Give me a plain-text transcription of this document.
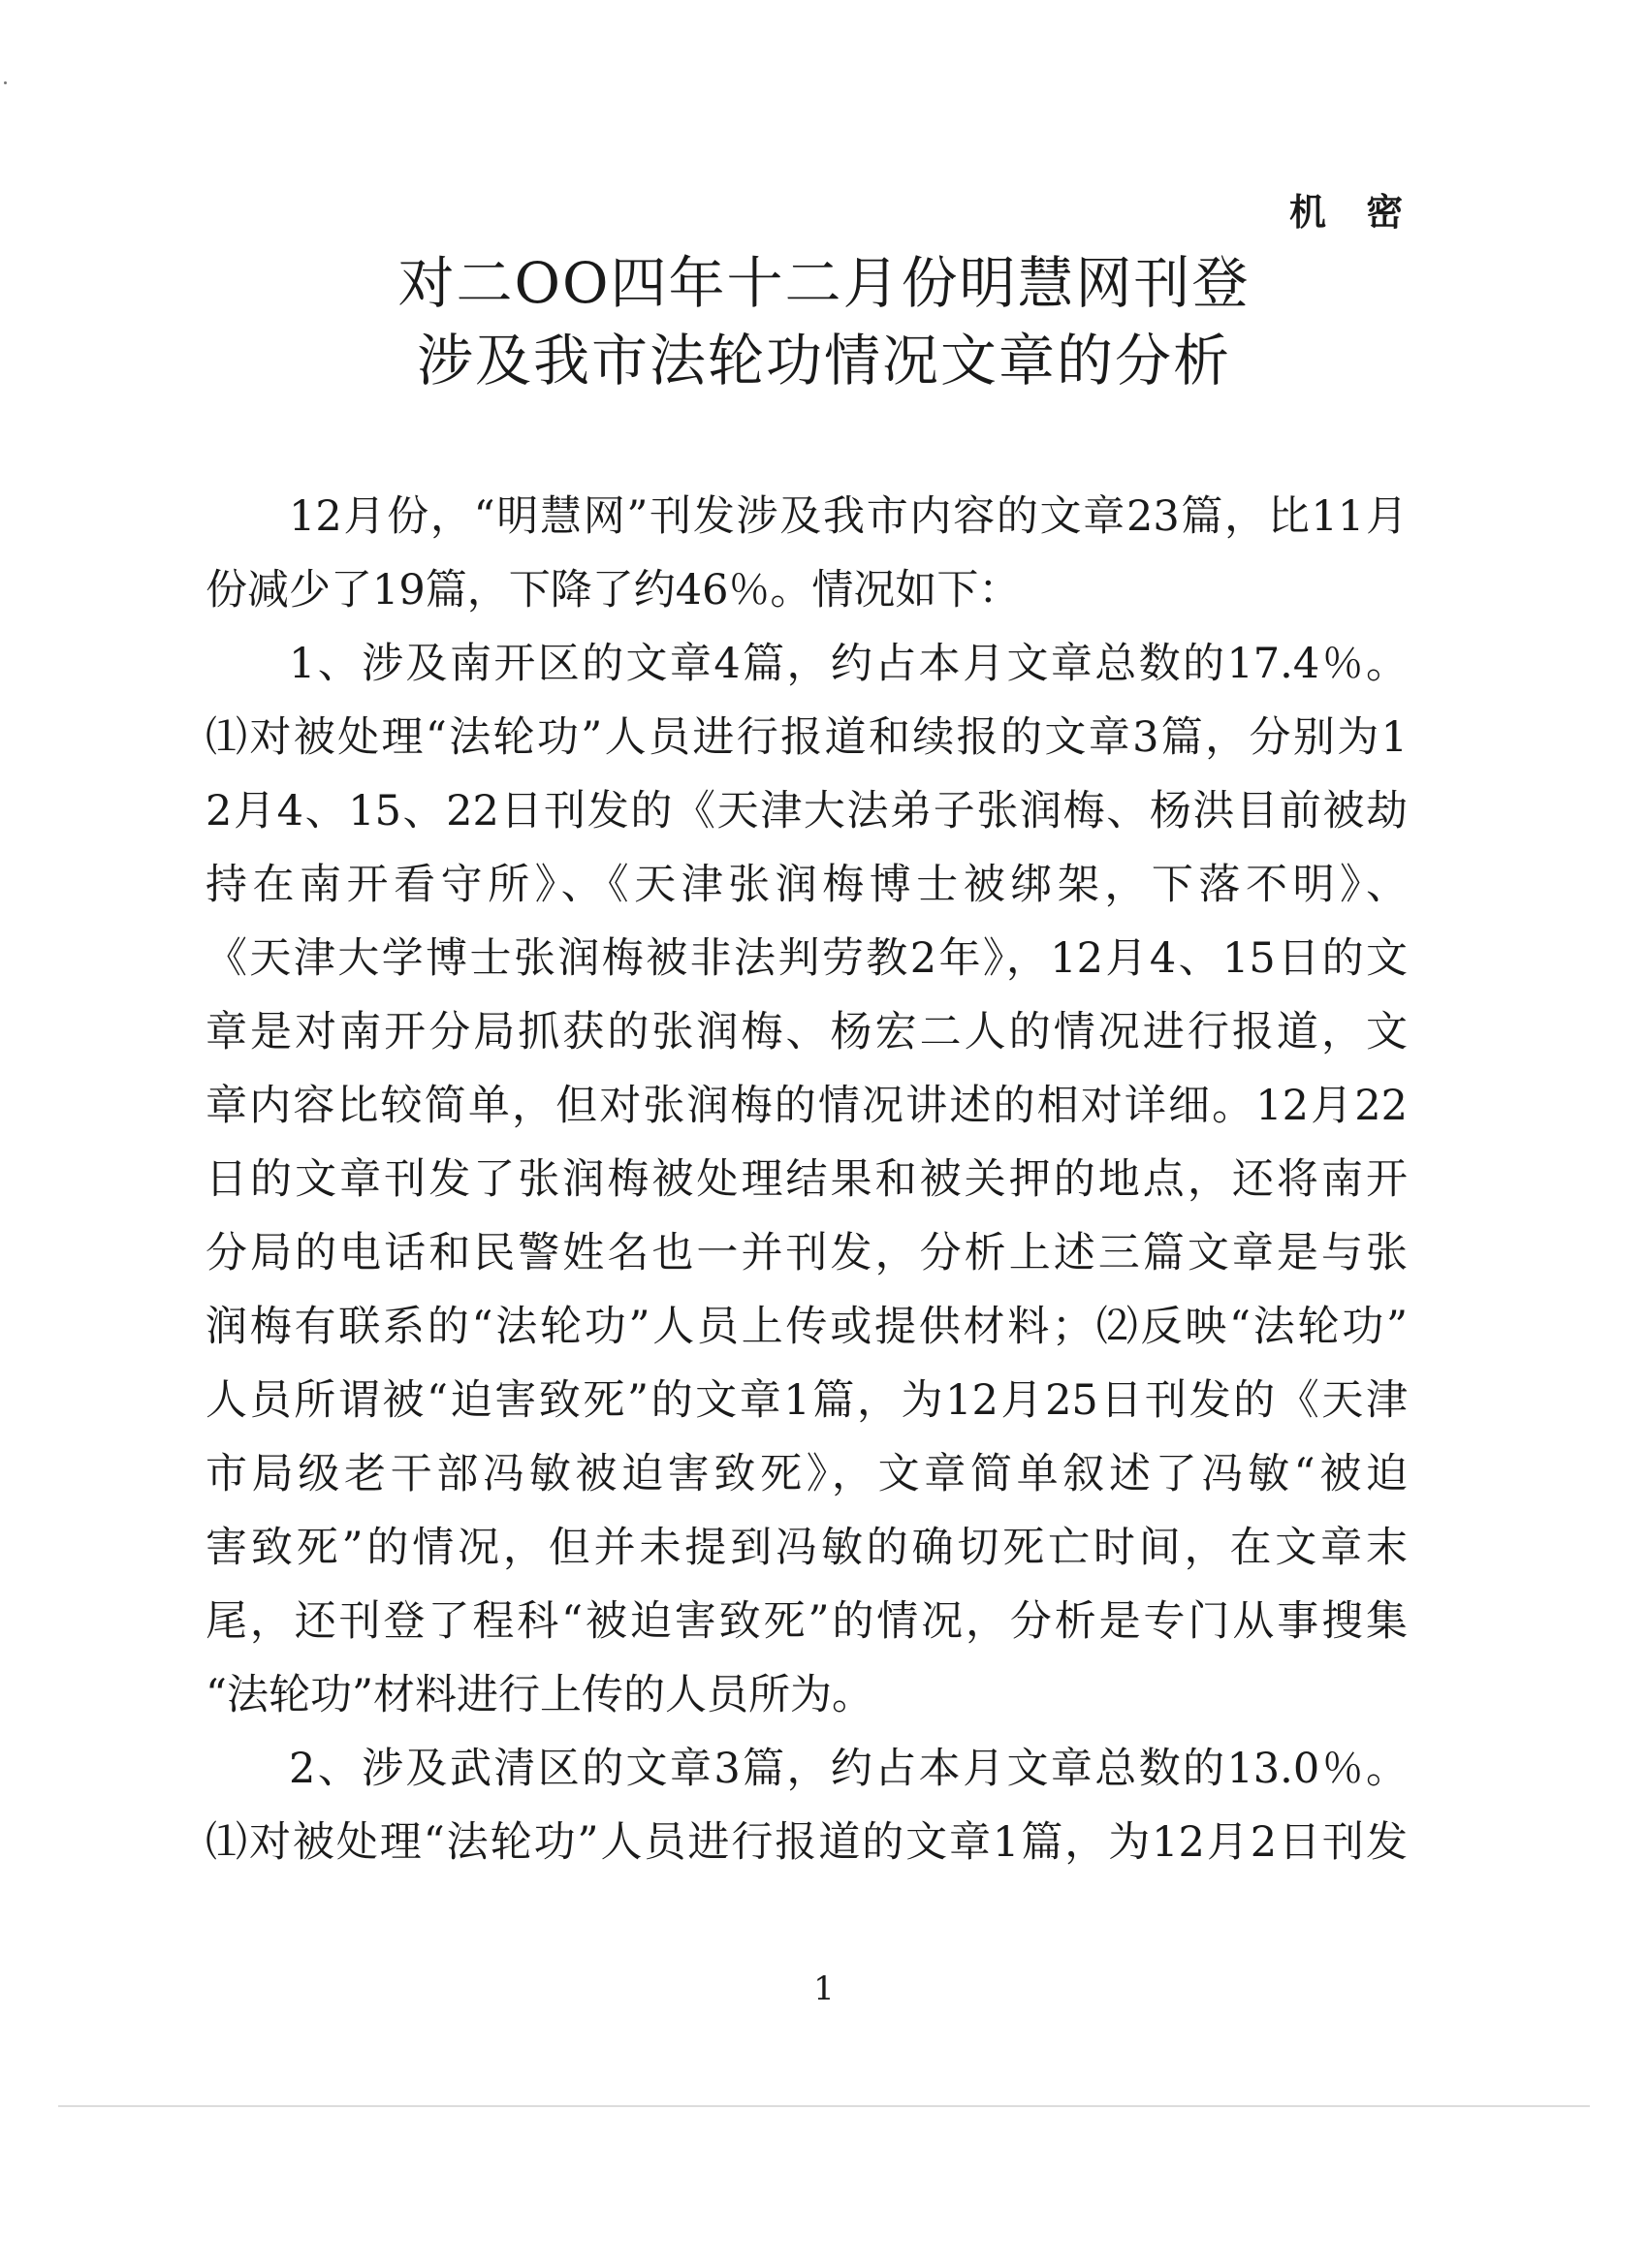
机 密
对二OO四年十二月份明慧网刊登
涉及我市法轮功情况文章的分析
12月份，“明慧网”刊发涉及我市内容的文章23篇，比11月
份减少了19篇，下降了约46％。情况如下：
1、涉及南开区的文章4篇，约占本月文章总数的17.4％。
⑴对被处理“法轮功”人员进行报道和续报的文章3篇，分别为1
2月4、15、22日刊发的《天津大法弟子张润梅、杨洪目前被劫
持在南开看守所》、《天津张润梅博士被绑架，下落不明》、
《天津大学博士张润梅被非法判劳教2年》，12月4、15日的文
章是对南开分局抓获的张润梅、杨宏二人的情况进行报道，文
章内容比较简单，但对张润梅的情况讲述的相对详细。12月22
日的文章刊发了张润梅被处理结果和被关押的地点，还将南开
分局的电话和民警姓名也一并刊发，分析上述三篇文章是与张
润梅有联系的“法轮功”人员上传或提供材料；⑵反映“法轮功”
人员所谓被“迫害致死”的文章1篇，为12月25日刊发的《天津
市局级老干部冯敏被迫害致死》，文章简单叙述了冯敏“被迫
害致死”的情况，但并未提到冯敏的确切死亡时间，在文章末
尾，还刊登了程科“被迫害致死”的情况，分析是专门从事搜集
“法轮功”材料进行上传的人员所为。
2、涉及武清区的文章3篇，约占本月文章总数的13.0％。
⑴对被处理“法轮功”人员进行报道的文章1篇，为12月2日刊发
1
